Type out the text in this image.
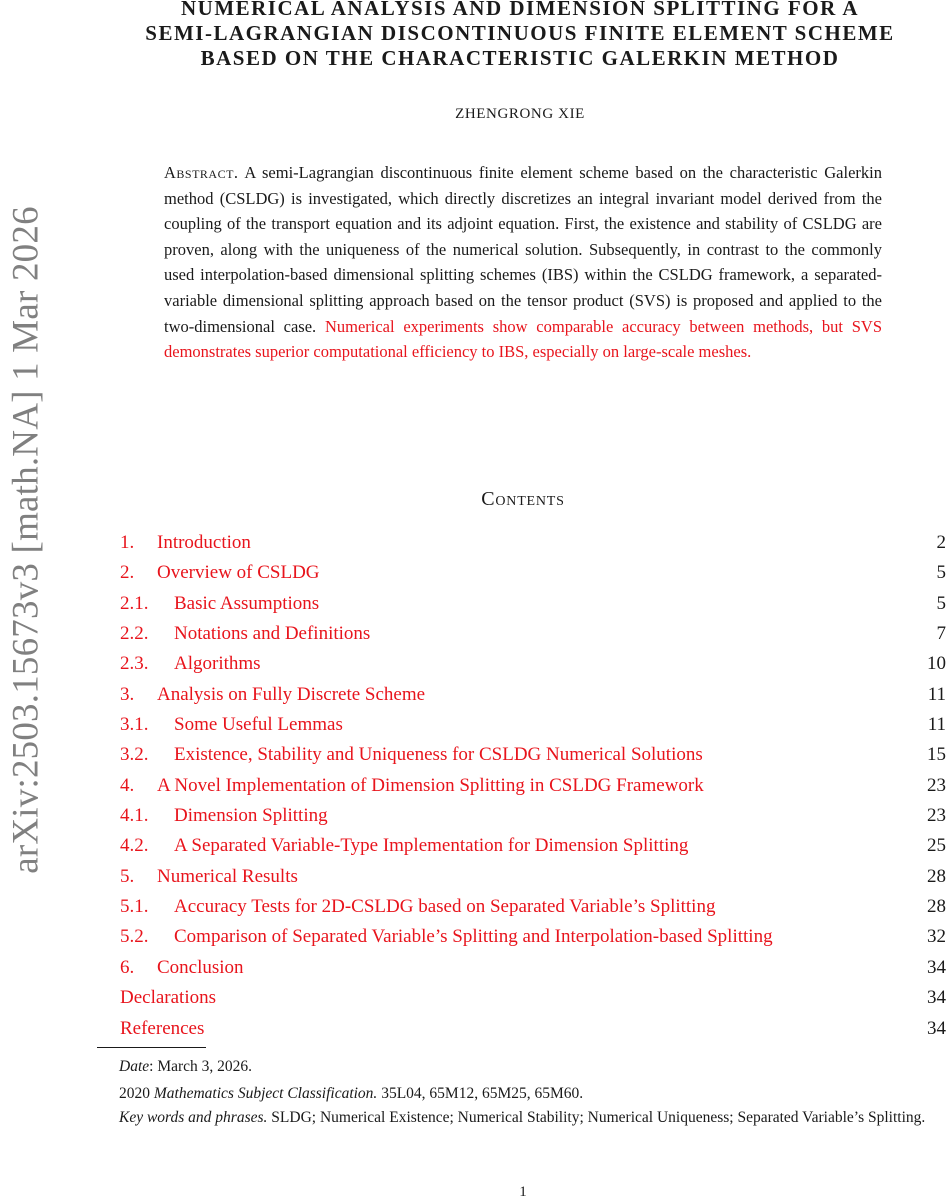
arXiv:2503.15673v3 [math.NA] 1 Mar 2026
NUMERICAL ANALYSIS AND DIMENSION SPLITTING FOR A
SEMI-LAGRANGIAN DISCONTINUOUS FINITE ELEMENT SCHEME
BASED ON THE CHARACTERISTIC GALERKIN METHOD
ZHENGRONG XIE
Abstract. A semi-Lagrangian discontinuous finite element scheme based on the characteristic Galerkin method (CSLDG) is investigated, which directly discretizes an integral invariant model derived from the coupling of the transport equation and its adjoint equation. First, the existence and stability of CSLDG are proven, along with the uniqueness of the numerical solution. Subsequently, in contrast to the commonly used interpolation-based dimensional splitting schemes (IBS) within the CSLDG framework, a separated-variable dimensional splitting approach based on the tensor product (SVS) is proposed and applied to the two-dimensional case. Numerical experiments show comparable accuracy between methods, but SVS demonstrates superior computational efficiency to IBS, especially on large-scale meshes.
Contents
1. Introduction	2
2. Overview of CSLDG	5
2.1. Basic Assumptions	5
2.2. Notations and Definitions	7
2.3. Algorithms	10
3. Analysis on Fully Discrete Scheme	11
3.1. Some Useful Lemmas	11
3.2. Existence, Stability and Uniqueness for CSLDG Numerical Solutions	15
4. A Novel Implementation of Dimension Splitting in CSLDG Framework	23
4.1. Dimension Splitting	23
4.2. A Separated Variable-Type Implementation for Dimension Splitting	25
5. Numerical Results	28
5.1. Accuracy Tests for 2D-CSLDG based on Separated Variable’s Splitting	28
5.2. Comparison of Separated Variable’s Splitting and Interpolation-based Splitting	32
6. Conclusion	34
Declarations	34
References	34
Date: March 3, 2026.
2020 Mathematics Subject Classification. 35L04, 65M12, 65M25, 65M60.
Key words and phrases. SLDG; Numerical Existence; Numerical Stability; Numerical Uniqueness; Separated Variable’s Splitting.
1
